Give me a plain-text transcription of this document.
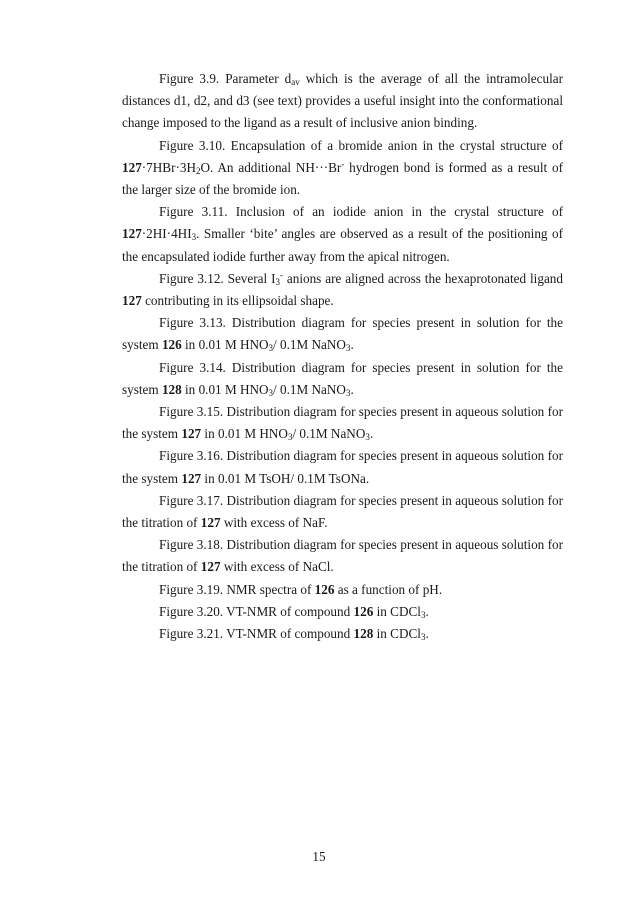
Figure 3.9. Parameter $d_{av}$ which is the average of all the intramolecular distances d1, d2, and d3 (see text) provides a useful insight into the conformational change imposed to the ligand as a result of inclusive anion binding.

Figure 3.10. Encapsulation of a bromide anion in the crystal structure of $127\cdot 7HBr\cdot 3H_2O$. An additional NH···Br- hydrogen bond is formed as a result of the larger size of the bromide ion.

Figure 3.11. Inclusion of an iodide anion in the crystal structure of $127\cdot 2HI\cdot 4HI_3$. Smaller ‘bite’ angles are observed as a result of the positioning of the encapsulated iodide further away from the apical nitrogen.

Figure 3.12. Several $I_3^-$ anions are aligned across the hexaprotonated ligand 127 contributing in its ellipsoidal shape.

Figure 3.13. Distribution diagram for species present in solution for the system 126 in 0.01 M $HNO_3/$ 0.1M NaNO$_3$.

Figure 3.14. Distribution diagram for species present in solution for the system 128 in 0.01 M $HNO_3/$ 0.1M NaNO$_3$.

Figure 3.15. Distribution diagram for species present in aqueous solution for the system 127 in 0.01 M $HNO_3/$ 0.1M NaNO$_3$.

Figure 3.16. Distribution diagram for species present in aqueous solution for the system 127 in 0.01 M TsOH/ 0.1M TsONa.

Figure 3.17. Distribution diagram for species present in aqueous solution for the titration of 127 with excess of NaF.

Figure 3.18. Distribution diagram for species present in aqueous solution for the titration of 127 with excess of NaCl.

Figure 3.19. NMR spectra of 126 as a function of pH.

Figure 3.20. VT-NMR of compound 126 in CDCl$_3$.

Figure 3.21. VT-NMR of compound 128 in CDCl$_3$.

15
